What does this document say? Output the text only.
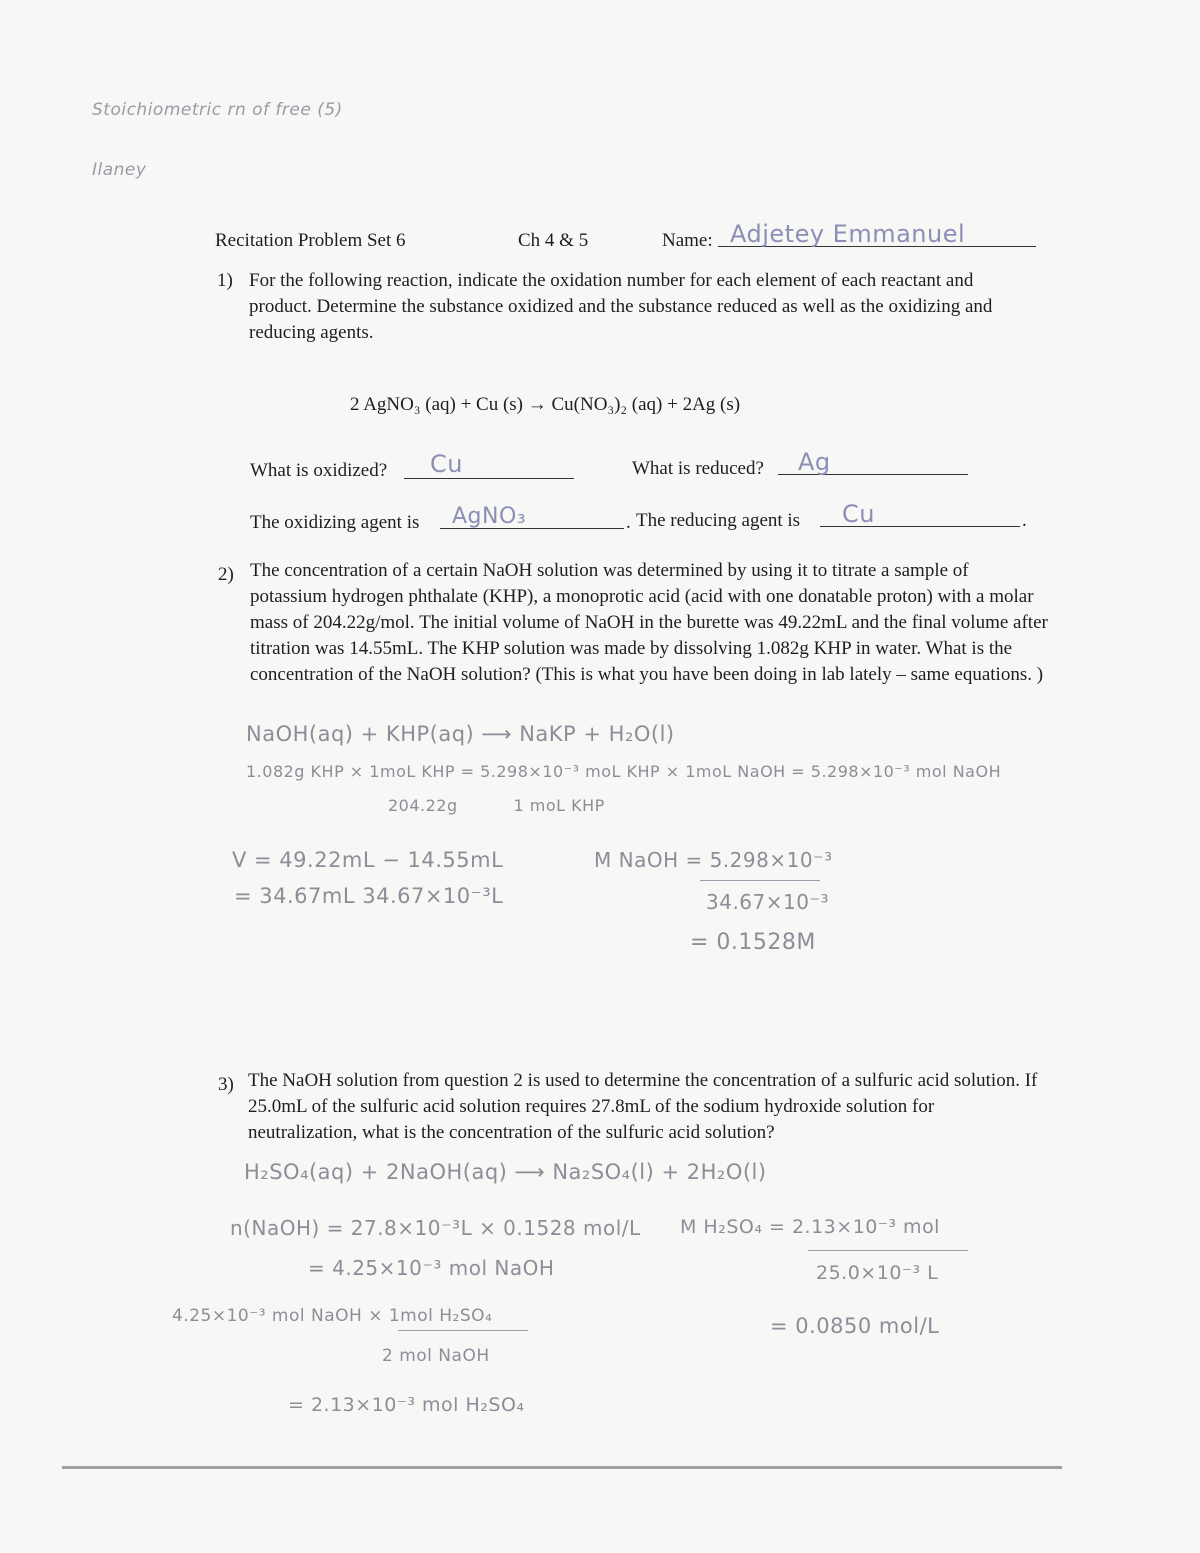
Stoichiometric rn of free (5)
Ilaney
Recitation Problem Set 6	Ch 4 & 5	Name: Adjetey Emmanuel
1) For the following reaction, indicate the oxidation number for each element of each reactant and product. Determine the substance oxidized and the substance reduced as well as the oxidizing and reducing agents.
2 AgNO₃ (aq) + Cu (s) → Cu(NO₃)₂ (aq) + 2Ag (s)
What is oxidized? Cu	What is reduced? Ag
The oxidizing agent is AgNO₃	. The reducing agent is Cu	.
2) The concentration of a certain NaOH solution was determined by using it to titrate a sample of potassium hydrogen phthalate (KHP), a monoprotic acid (acid with one donatable proton) with a molar mass of 204.22g/mol. The initial volume of NaOH in the burette was 49.22mL and the final volume after titration was 14.55mL. The KHP solution was made by dissolving 1.082g KHP in water. What is the concentration of the NaOH solution? (This is what you have been doing in lab lately – same equations. )
NaOH(aq) + KHP(aq) ⟶ NaKP + H₂O(l)
1.082g KHP × 1moL KHP = 5.298×10⁻³ moL KHP × 1moL NaOH = 5.298×10⁻³ mol NaOH
204.22g          1 moL KHP
V = 49.22mL − 14.55mL
= 34.67mL 34.67×10⁻³L
M NaOH = 5.298×10⁻³
34.67×10⁻³
= 0.1528M
3) The NaOH solution from question 2 is used to determine the concentration of a sulfuric acid solution. If 25.0mL of the sulfuric acid solution requires 27.8mL of the sodium hydroxide solution for neutralization, what is the concentration of the sulfuric acid solution?
H₂SO₄(aq) + 2NaOH(aq) ⟶ Na₂SO₄(l) + 2H₂O(l)
n(NaOH) = 27.8×10⁻³L × 0.1528 mol/L
= 4.25×10⁻³ mol NaOH
4.25×10⁻³ mol NaOH × 1mol H₂SO₄
2 mol NaOH
= 2.13×10⁻³ mol H₂SO₄
M H₂SO₄ = 2.13×10⁻³ mol
25.0×10⁻³ L
= 0.0850 mol/L
